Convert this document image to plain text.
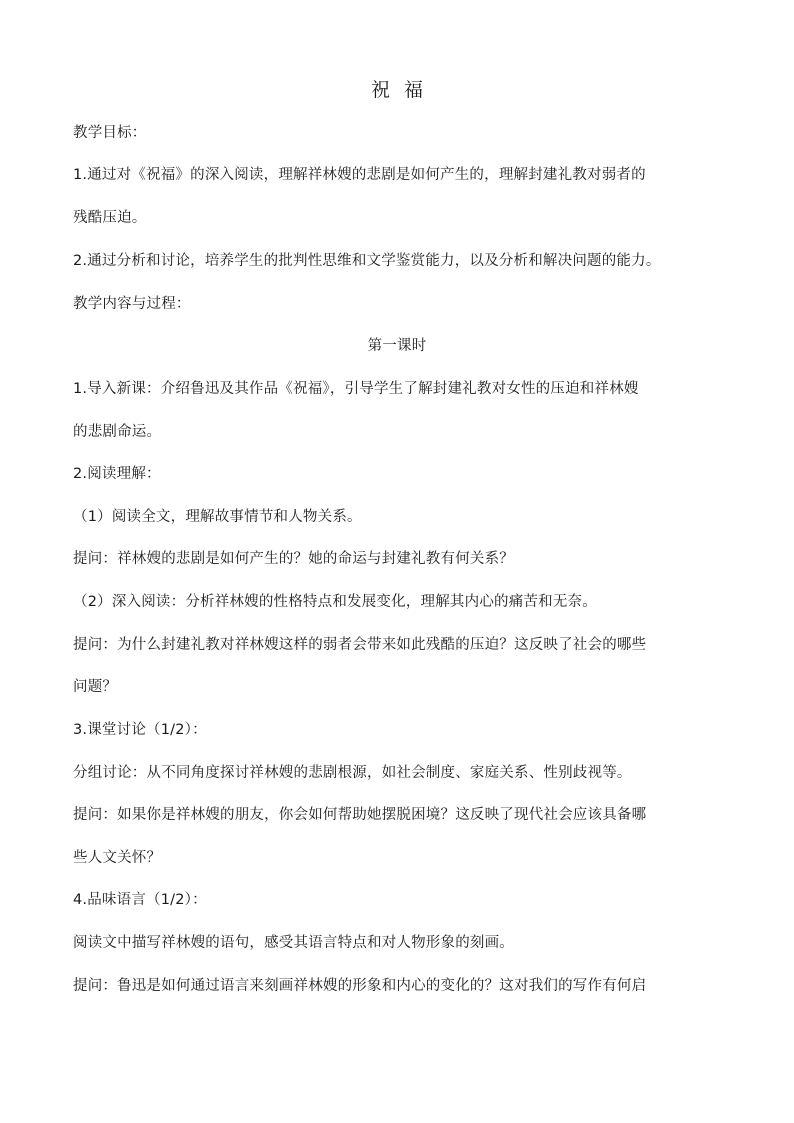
祝福
教学目标：
1.通过对《祝福》的深入阅读，理解祥林嫂的悲剧是如何产生的，理解封建礼教对弱者的
残酷压迫。
2.通过分析和讨论，培养学生的批判性思维和文学鉴赏能力，以及分析和解决问题的能力。
教学内容与过程：
第一课时
1.导入新课：介绍鲁迅及其作品《祝福》，引导学生了解封建礼教对女性的压迫和祥林嫂
的悲剧命运。
2.阅读理解：
（1）阅读全文，理解故事情节和人物关系。
提问：祥林嫂的悲剧是如何产生的？她的命运与封建礼教有何关系？
（2）深入阅读：分析祥林嫂的性格特点和发展变化，理解其内心的痛苦和无奈。
提问：为什么封建礼教对祥林嫂这样的弱者会带来如此残酷的压迫？这反映了社会的哪些
问题？
3.课堂讨论（1/2）：
分组讨论：从不同角度探讨祥林嫂的悲剧根源，如社会制度、家庭关系、性别歧视等。
提问：如果你是祥林嫂的朋友，你会如何帮助她摆脱困境？这反映了现代社会应该具备哪
些人文关怀？
4.品味语言（1/2）：
阅读文中描写祥林嫂的语句，感受其语言特点和对人物形象的刻画。
提问：鲁迅是如何通过语言来刻画祥林嫂的形象和内心的变化的？这对我们的写作有何启
